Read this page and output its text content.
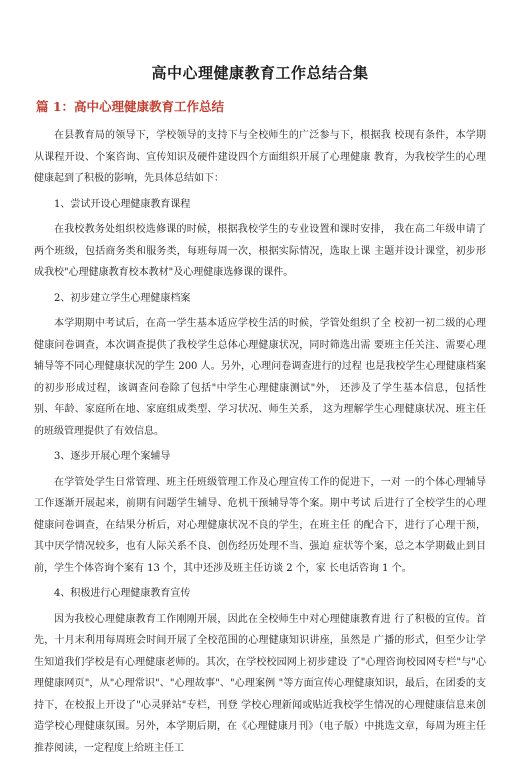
高中心理健康教育工作总结合集
篇 1：高中心理健康教育工作总结

在县教育局的领导下，学校领导的支持下与全校师生的广泛参与下，根据我 校现有条件，本学期从课程开设、个案咨询、宣传知识及硬件建设四个方面组织开展了心理健康 教育，为我校学生的心理健康起到了积极的影响，先具体总结如下：

1、尝试开设心理健康教育课程

在我校教务处组织校选修课的时候，根据我校学生的专业设置和课时安排， 我在高二年级申请了两个班级，包括商务类和服务类，每班每周一次，根据实际情况，选取上课 主题并设计课堂，初步形成我校"心理健康教育校本教材"及心理健康选修课的课件。

2、初步建立学生心理健康档案

本学期期中考试后，在高一学生基本适应学校生活的时候，学管处组织了全 校初一初二级的心理健康问卷调查，本次调查提供了我校学生总体心理健康状况，同时筛选出需 要班主任关注、需要心理辅导等不同心理健康状况的学生 200 人。另外，心理问卷调查进行的过程 也是我校学生心理健康档案的初步形成过程，该调查问卷除了包括"中学生心理健康测试"外， 还涉及了学生基本信息，包括性别、年龄、家庭所在地、家庭组成类型、学习状况、师生关系， 这为理解学生心理健康状况、班主任的班级管理提供了有效信息。

3、逐步开展心理个案辅导

在学管处学生日常管理、班主任班级管理工作及心理宣传工作的促进下，一对 一的个体心理辅导工作逐渐开展起来，前期有问题学生辅导、危机干预辅导等个案。期中考试 后进行了全校学生的心理健康问卷调查，在结果分析后，对心理健康状况不良的学生，在班主任 的配合下，进行了心理干预，其中厌学情况较多，也有人际关系不良、创伤经历处理不当、强迫 症状等个案，总之本学期截止到目前，学生个体咨询个案有 13 个，其中还涉及班主任访谈 2 个，家 长电话咨询 1 个。

4、积极进行心理健康教育宣传

因为我校心理健康教育工作刚刚开展，因此在全校师生中对心理健康教育进 行了积极的宣传。首先，十月末利用每周班会时间开展了全校范围的心理健康知识讲座，虽然是 广播的形式，但至少让学生知道我们学校是有心理健康老师的。其次，在学校校园网上初步建设 了"心理咨询校园网专栏"与"心理健康网页"，从"心理常识"、"心理故事"、"心理案例 "等方面宣传心理健康知识，最后，在团委的支持下，在校报上开设了"心灵驿站"专栏，刊登 学校心理新闻或贴近我校学生情况的心理健康信息来创造学校心理健康氛围。另外，本学期后期，在《心理健康月刊》（电子版）中挑选文章，每周为班主任推荐阅读，一定程度上给班主任工
